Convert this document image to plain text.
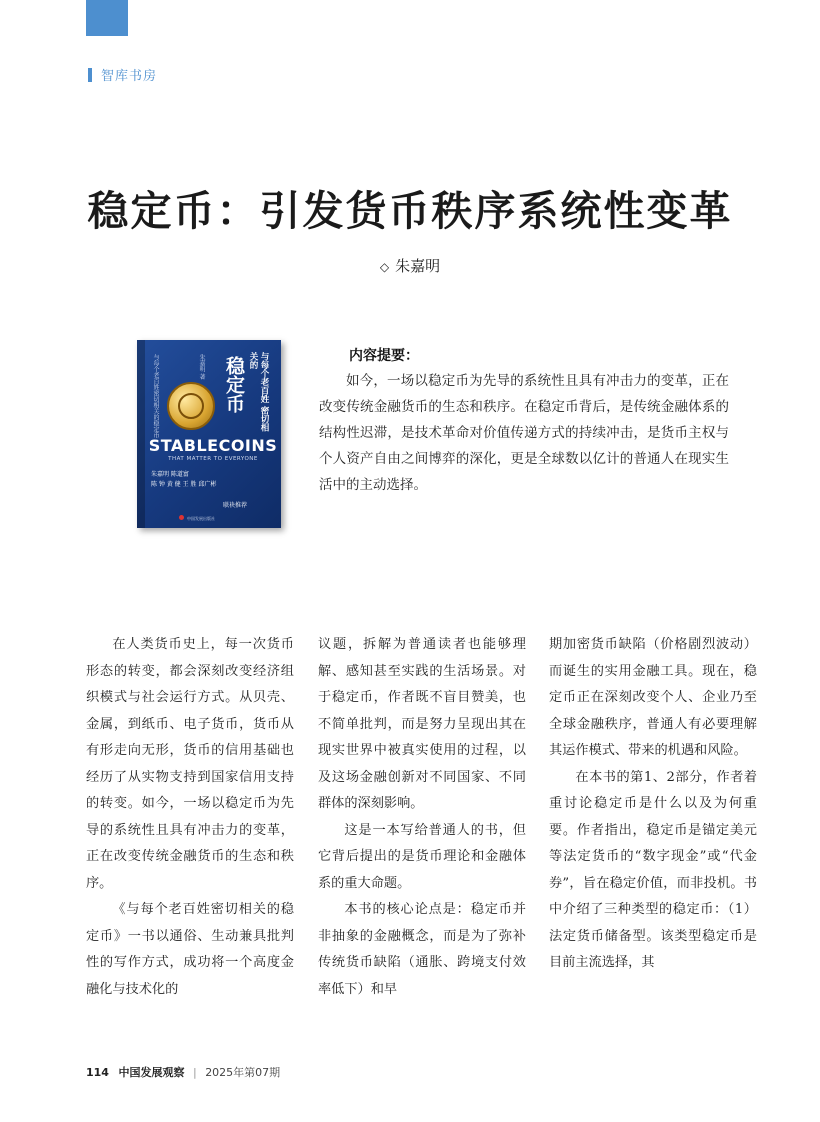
智库书房
稳定币：引发货币秩序系统性变革
◇ 朱嘉明
与每个老百姓密切相关的稳定币	朱嘉明 著	与每个老百姓 密切相关的
稳定币
STABLECOINS
THAT MATTER TO EVERYONE
朱嘉明 陈道富
陈 钟 黄 健 王 胜 邱广彬
联袂推荐
中国发展出版社
内容提要：

如今，一场以稳定币为先导的系统性且具有冲击力的变革，正在改变传统金融货币的生态和秩序。在稳定币背后，是传统金融体系的结构性迟滞，是技术革命对价值传递方式的持续冲击，是货币主权与个人资产自由之间博弈的深化，更是全球数以亿计的普通人在现实生活中的主动选择。

在人类货币史上，每一次货币形态的转变，都会深刻改变经济组织模式与社会运行方式。从贝壳、金属，到纸币、电子货币，货币从有形走向无形，货币的信用基础也经历了从实物支持到国家信用支持的转变。如今，一场以稳定币为先导的系统性且具有冲击力的变革，正在改变传统金融货币的生态和秩序。

《与每个老百姓密切相关的稳定币》一书以通俗、生动兼具批判性的写作方式，成功将一个高度金融化与技术化的

议题，拆解为普通读者也能够理解、感知甚至实践的生活场景。对于稳定币，作者既不盲目赞美，也不简单批判，而是努力呈现出其在现实世界中被真实使用的过程，以及这场金融创新对不同国家、不同群体的深刻影响。

这是一本写给普通人的书，但它背后提出的是货币理论和金融体系的重大命题。

本书的核心论点是：稳定币并非抽象的金融概念，而是为了弥补传统货币缺陷（通胀、跨境支付效率低下）和早

期加密货币缺陷（价格剧烈波动）而诞生的实用金融工具。现在，稳定币正在深刻改变个人、企业乃至全球金融秩序，普通人有必要理解其运作模式、带来的机遇和风险。

在本书的第1、2部分，作者着重讨论稳定币是什么以及为何重要。作者指出，稳定币是锚定美元等法定货币的“数字现金”或“代金券”，旨在稳定价值，而非投机。书中介绍了三种类型的稳定币：（1）法定货币储备型。该类型稳定币是目前主流选择，其

114 中国发展观察 | 2025年第07期
